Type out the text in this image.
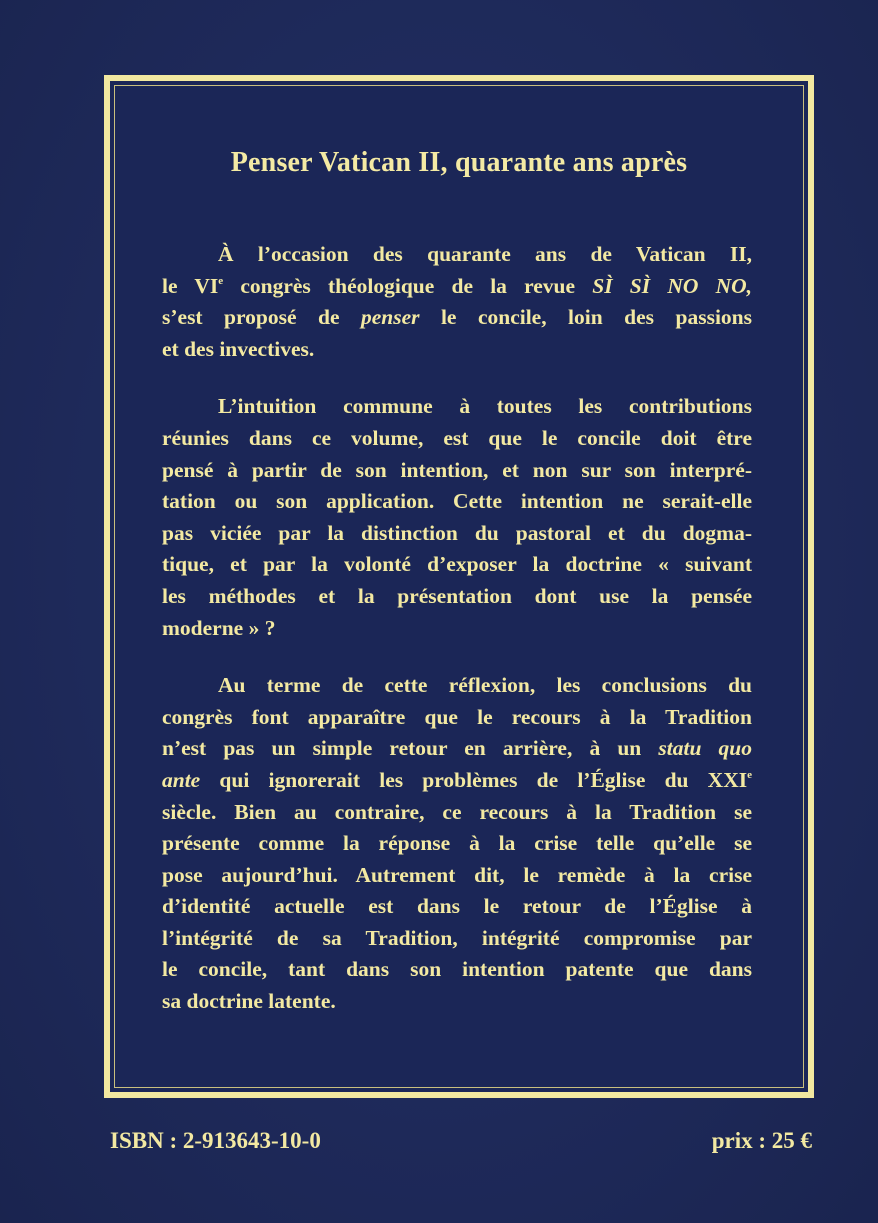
Penser Vatican II, quarante ans après
À l’occasion des quarante ans de Vatican II,
le VIe congrès théologique de la revue SÌ SÌ NO NO,
s’est proposé de penser le concile, loin des passions
et des invectives.
L’intuition commune à toutes les contributions
réunies dans ce volume, est que le concile doit être
pensé à partir de son intention, et non sur son interpré-
tation ou son application. Cette intention ne serait-elle
pas viciée par la distinction du pastoral et du dogma-
tique, et par la volonté d’exposer la doctrine « suivant
les méthodes et la présentation dont use la pensée
moderne » ?
Au terme de cette réflexion, les conclusions du
congrès font apparaître que le recours à la Tradition
n’est pas un simple retour en arrière, à un statu quo
ante qui ignorerait les problèmes de l’Église du XXIe
siècle. Bien au contraire, ce recours à la Tradition se
présente comme la réponse à la crise telle qu’elle se
pose aujourd’hui. Autrement dit, le remède à la crise
d’identité actuelle est dans le retour de l’Église à
l’intégrité de sa Tradition, intégrité compromise par
le concile, tant dans son intention patente que dans
sa doctrine latente.
ISBN : 2-913643-10-0	prix : 25 €
